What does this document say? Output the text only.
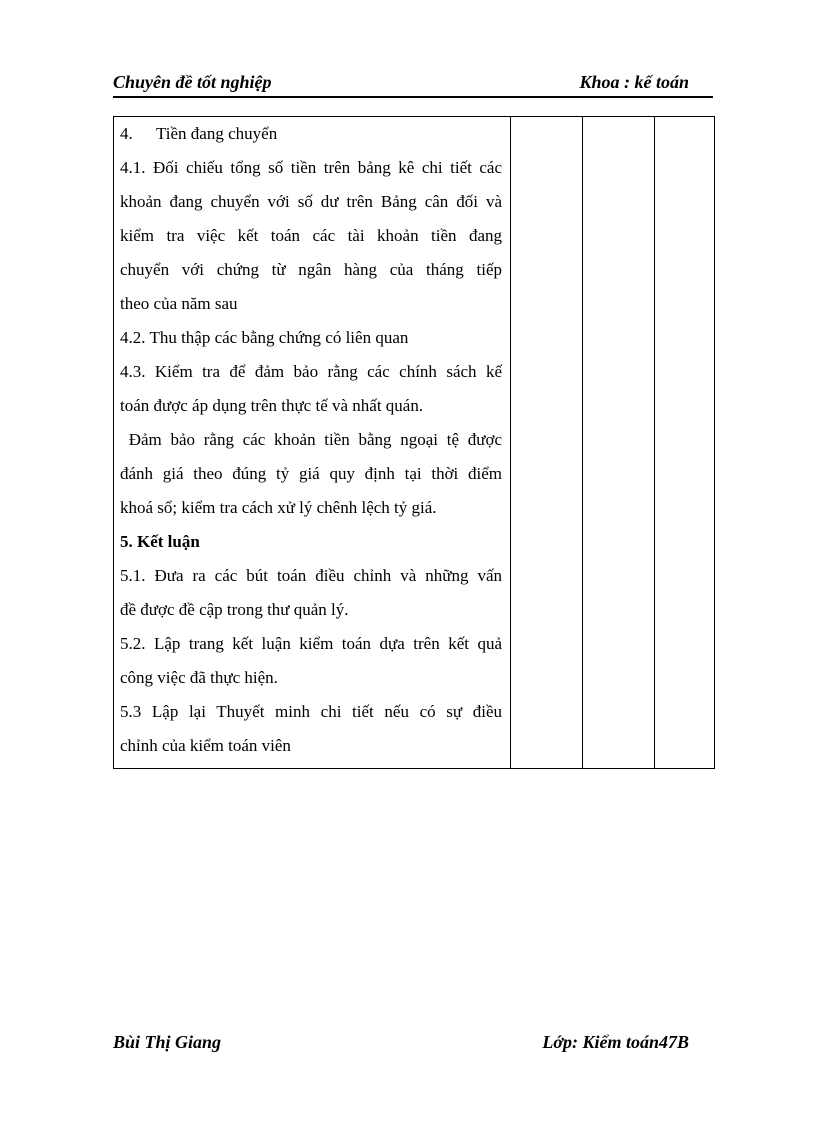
Chuyên đề tốt nghiệp	Khoa : kế toán
4. Tiền đang chuyển
4.1. Đối chiếu tổng số tiền trên bảng kê chi tiết các
khoản đang chuyển với số dư trên Bảng cân đối và
kiểm tra việc kết toán các tài khoản tiền đang
chuyển với chứng từ ngân hàng của tháng tiếp
theo của năm sau
4.2. Thu thập các bằng chứng có liên quan
4.3. Kiểm tra để đảm bảo rằng các chính sách kế
toán được áp dụng trên thực tế và nhất quán.
Đảm bảo rằng các khoản tiền bằng ngoại tệ được
đánh giá theo đúng tỷ giá quy định tại thời điểm
khoá sổ; kiểm tra cách xử lý chênh lệch tỷ giá.
5. Kết luận
5.1. Đưa ra các bút toán điều chỉnh và những vấn
đề được đề cập trong thư quản lý.
5.2. Lập trang kết luận kiểm toán dựa trên kết quả
công việc đã thực hiện.
5.3 Lập lại Thuyết minh chi tiết nếu có sự điều
chỉnh của kiểm toán viên

Bùi Thị Giang	Lớp: Kiểm toán47B
